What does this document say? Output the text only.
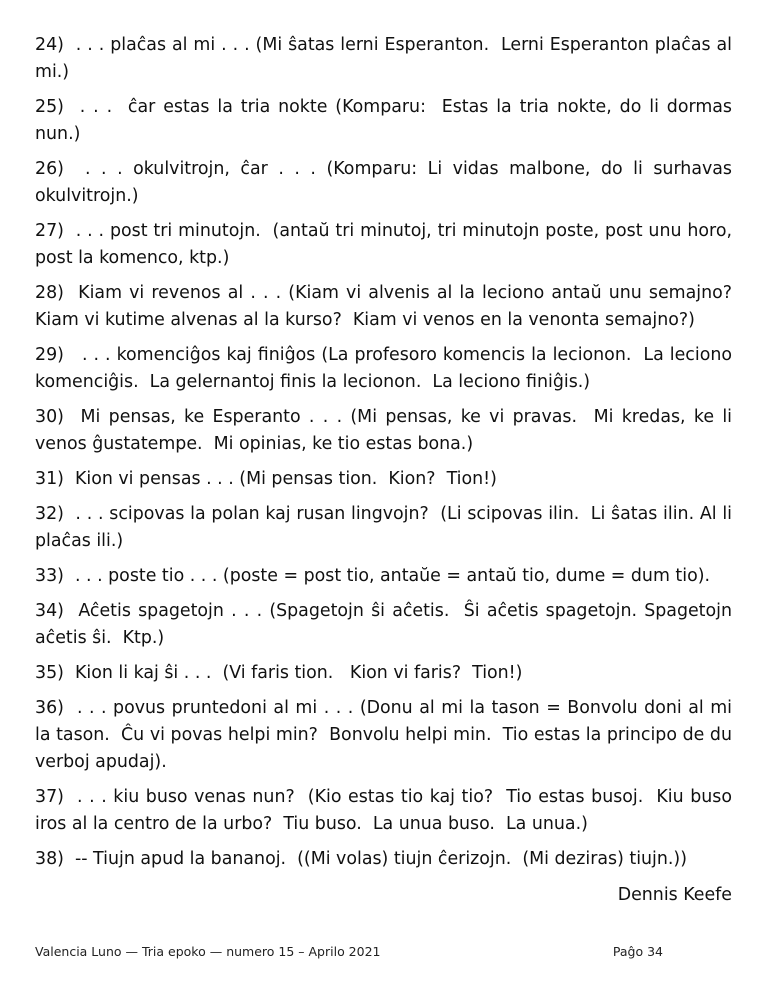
24)  . . . plaĉas al mi . . . (Mi ŝatas lerni Esperanton.  Lerni Esperanton plaĉas al mi.)

25)  . . .  ĉar estas la tria nokte (Komparu:  Estas la tria nokte, do li dormas nun.)

26)  . . . okulvitrojn, ĉar . . . (Komparu: Li vidas malbone, do li surhavas okulvitrojn.)

27)  . . . post tri minutojn.  (antaŭ tri minutoj, tri minutojn poste, post unu horo, post la komenco, ktp.)

28)  Kiam vi revenos al . . . (Kiam vi alvenis al la leciono antaŭ unu semajno? Kiam vi kutime alvenas al la kurso?  Kiam vi venos en la venonta semajno?)

29)   . . . komenciĝos kaj finiĝos (La profesoro komencis la lecionon.  La leciono komenciĝis.  La gelernantoj finis la lecionon.  La leciono finiĝis.)

30)  Mi pensas, ke Esperanto . . . (Mi pensas, ke vi pravas.  Mi kredas, ke li venos ĝustatempe.  Mi opinias, ke tio estas bona.)

31)  Kion vi pensas . . . (Mi pensas tion.  Kion?  Tion!)

32)  . . . scipovas la polan kaj rusan lingvojn?  (Li scipovas ilin.  Li ŝatas ilin. Al li plaĉas ili.)

33)  . . . poste tio . . . (poste = post tio, antaŭe = antaŭ tio, dume = dum tio).

34)  Aĉetis spagetojn . . . (Spagetojn ŝi aĉetis.  Ŝi aĉetis spagetojn. Spagetojn aĉetis ŝi.  Ktp.)

35)  Kion li kaj ŝi . . .  (Vi faris tion.   Kion vi faris?  Tion!)

36)  . . . povus pruntedoni al mi . . . (Donu al mi la tason = Bonvolu doni al mi la tason.  Ĉu vi povas helpi min?  Bonvolu helpi min.  Tio estas la principo de du verboj apudaj).

37)  . . . kiu buso venas nun?  (Kio estas tio kaj tio?  Tio estas busoj.  Kiu buso iros al la centro de la urbo?  Tiu buso.  La unua buso.  La unua.)

38)  -- Tiujn apud la bananoj.  ((Mi volas) tiujn ĉerizojn.  (Mi deziras) tiujn.))

Dennis Keefe
Valencia Luno — Tria epoko — numero 15 – Aprilo 2021	Paĝo 34
